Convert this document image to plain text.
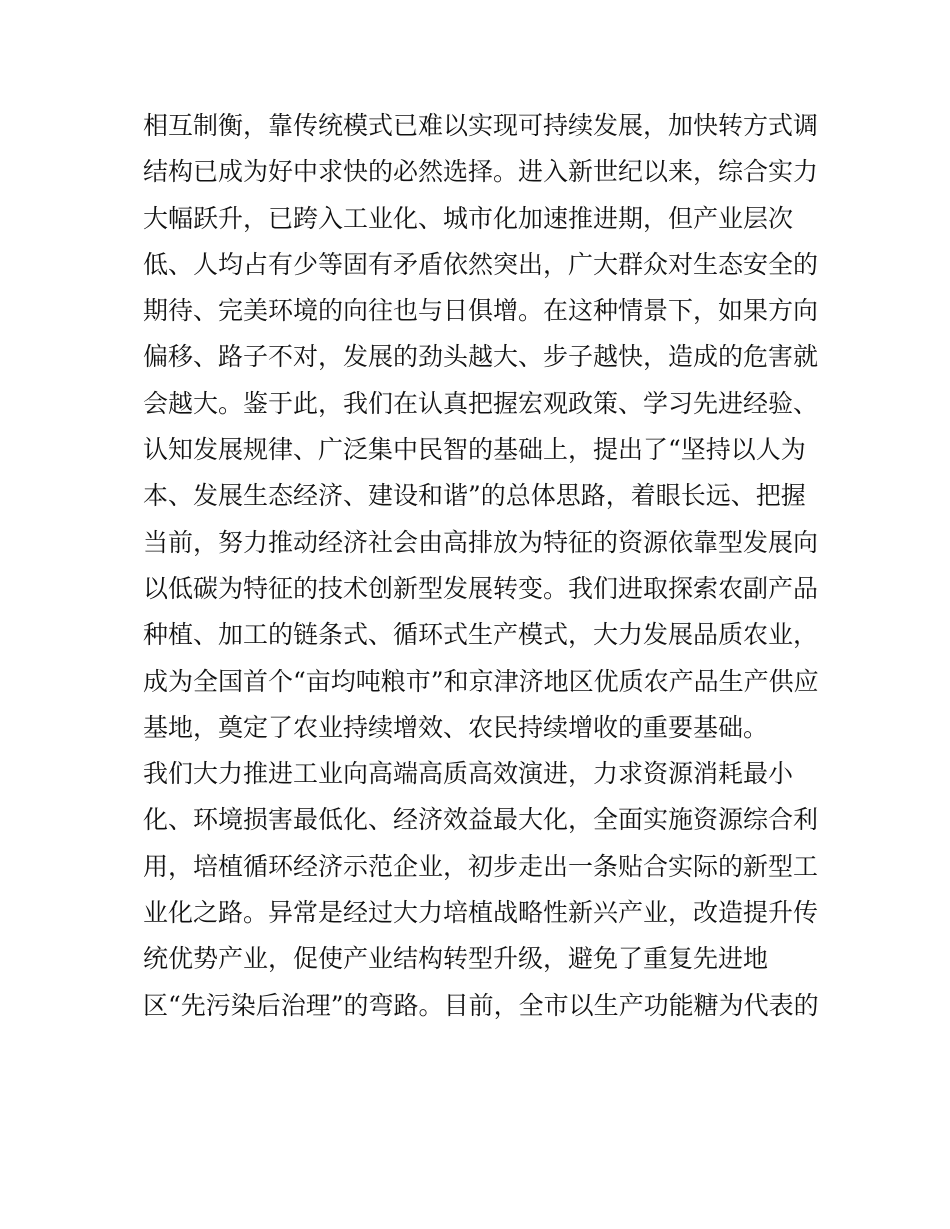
相互制衡，靠传统模式已难以实现可持续发展，加快转方式调
结构已成为好中求快的必然选择。进入新世纪以来，综合实力
大幅跃升，已跨入工业化、城市化加速推进期，但产业层次
低、人均占有少等固有矛盾依然突出，广大群众对生态安全的
期待、完美环境的向往也与日俱增。在这种情景下，如果方向
偏移、路子不对，发展的劲头越大、步子越快，造成的危害就
会越大。鉴于此，我们在认真把握宏观政策、学习先进经验、
认知发展规律、广泛集中民智的基础上，提出了“坚持以人为
本、发展生态经济、建设和谐”的总体思路，着眼长远、把握
当前，努力推动经济社会由高排放为特征的资源依靠型发展向
以低碳为特征的技术创新型发展转变。我们进取探索农副产品
种植、加工的链条式、循环式生产模式，大力发展品质农业，
成为全国首个“亩均吨粮市”和京津济地区优质农产品生产供应
基地，奠定了农业持续增效、农民持续增收的重要基础。
我们大力推进工业向高端高质高效演进，力求资源消耗最小
化、环境损害最低化、经济效益最大化，全面实施资源综合利
用，培植循环经济示范企业，初步走出一条贴合实际的新型工
业化之路。异常是经过大力培植战略性新兴产业，改造提升传
统优势产业，促使产业结构转型升级，避免了重复先进地
区“先污染后治理”的弯路。目前，全市以生产功能糖为代表的
